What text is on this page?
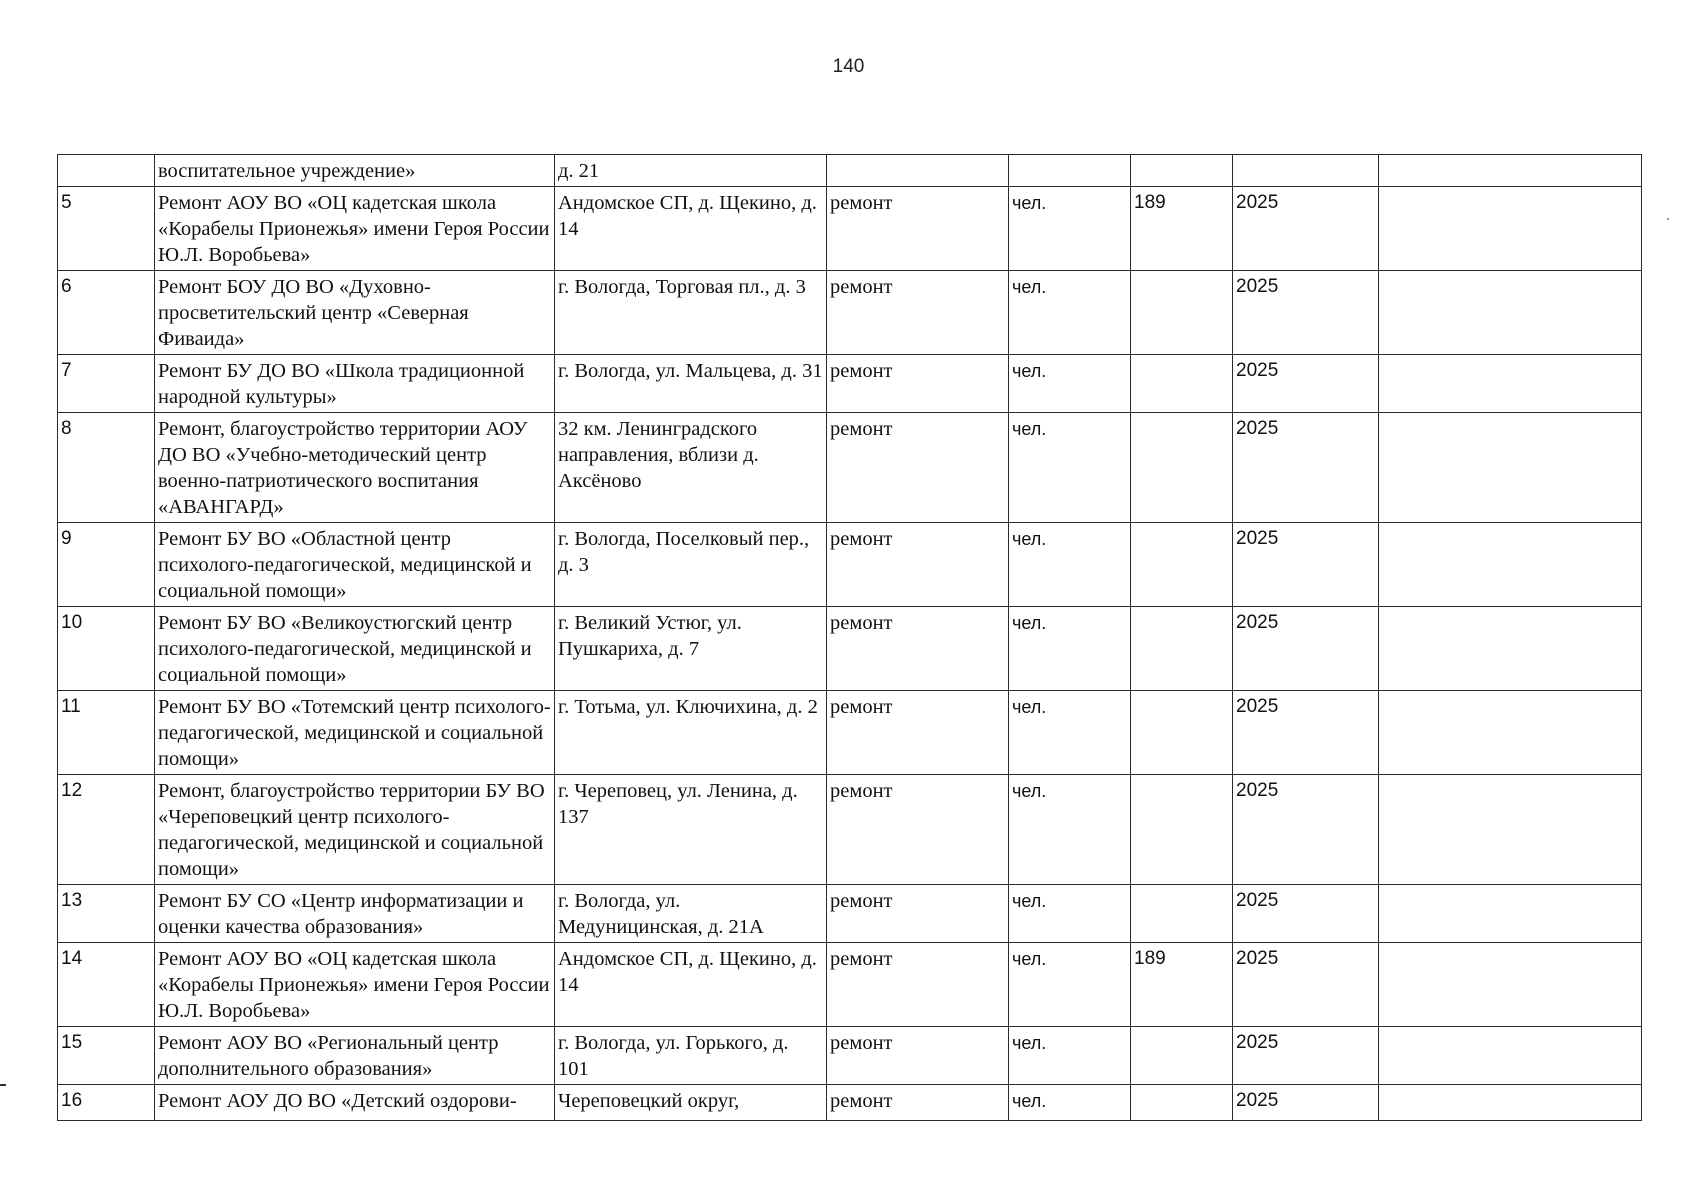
140
	воспитательное учреждение»	д. 21					
5	Ремонт АОУ ВО «ОЦ кадетская школа «Корабелы Прионежья» имени Героя России Ю.Л. Воробьева»	Андомское СП, д. Щекино, д. 14	ремонт	чел.	189	2025	
6	Ремонт БОУ ДО ВО «Духовно-просветительский центр «Северная Фиваида»	г. Вологда, Торговая пл., д. 3	ремонт	чел.		2025	
7	Ремонт БУ ДО ВО «Школа традиционной народной культуры»	г. Вологда, ул. Мальцева, д. 31	ремонт	чел.		2025	
8	Ремонт, благоустройство территории АОУ ДО ВО «Учебно-методический центр военно-патриотического воспитания «АВАНГАРД»	32 км. Ленинградского направления, вблизи д. Аксёново	ремонт	чел.		2025	
9	Ремонт БУ ВО «Областной центр психолого-педагогической, медицинской и социальной помощи»	г. Вологда, Поселковый пер., д. 3	ремонт	чел.		2025	
10	Ремонт БУ ВО «Великоустюгский центр психолого-педагогической, медицинской и социальной помощи»	г. Великий Устюг, ул. Пушкариха, д. 7	ремонт	чел.		2025	
11	Ремонт БУ ВО «Тотемский центр психолого-педагогической, медицинской и социальной помощи»	г. Тотьма, ул. Ключихина, д. 2	ремонт	чел.		2025	
12	Ремонт, благоустройство территории БУ ВО «Череповецкий центр психолого-педагогической, медицинской и социальной помощи»	г. Череповец, ул. Ленина, д. 137	ремонт	чел.		2025	
13	Ремонт БУ СО «Центр информатизации и оценки качества образования»	г. Вологда, ул. Медуницинская, д. 21А	ремонт	чел.		2025	
14	Ремонт АОУ ВО «ОЦ кадетская школа «Корабелы Прионежья» имени Героя России Ю.Л. Воробьева»	Андомское СП, д. Щекино, д. 14	ремонт	чел.	189	2025	
15	Ремонт АОУ ВО «Региональный центр дополнительного образования»	г. Вологда, ул. Горького, д. 101	ремонт	чел.		2025	
16	Ремонт АОУ ДО ВО «Детский оздорови-	Череповецкий округ,	ремонт	чел.		2025	
